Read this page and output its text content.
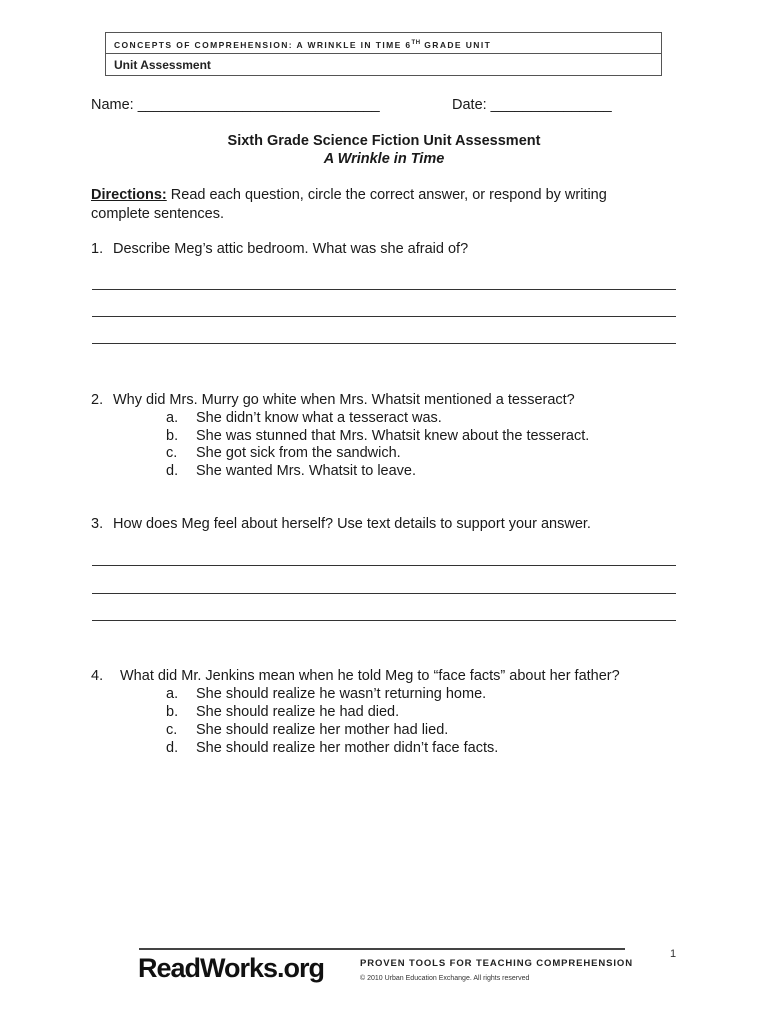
CONCEPTS OF COMPREHENSION: A WRINKLE IN TIME 6TH GRADE UNIT
Unit Assessment
Name: ______________________________	Date: _______________
Sixth Grade Science Fiction Unit Assessment
A Wrinkle in Time
Directions: Read each question, circle the correct answer, or respond by writing
complete sentences.
1. Describe Meg’s attic bedroom. What was she afraid of?
2. Why did Mrs. Murry go white when Mrs. Whatsit mentioned a tesseract?
a. She didn’t know what a tesseract was.
b. She was stunned that Mrs. Whatsit knew about the tesseract.
c. She got sick from the sandwich.
d. She wanted Mrs. Whatsit to leave.
3. How does Meg feel about herself? Use text details to support your answer.
4. What did Mr. Jenkins mean when he told Meg to “face facts” about her father?
a. She should realize he wasn’t returning home.
b. She should realize he had died.
c. She should realize her mother had lied.
d. She should realize her mother didn’t face facts.
ReadWorks.org	PROVEN TOOLS FOR TEACHING COMPREHENSION
© 2010 Urban Education Exchange. All rights reserved
1
